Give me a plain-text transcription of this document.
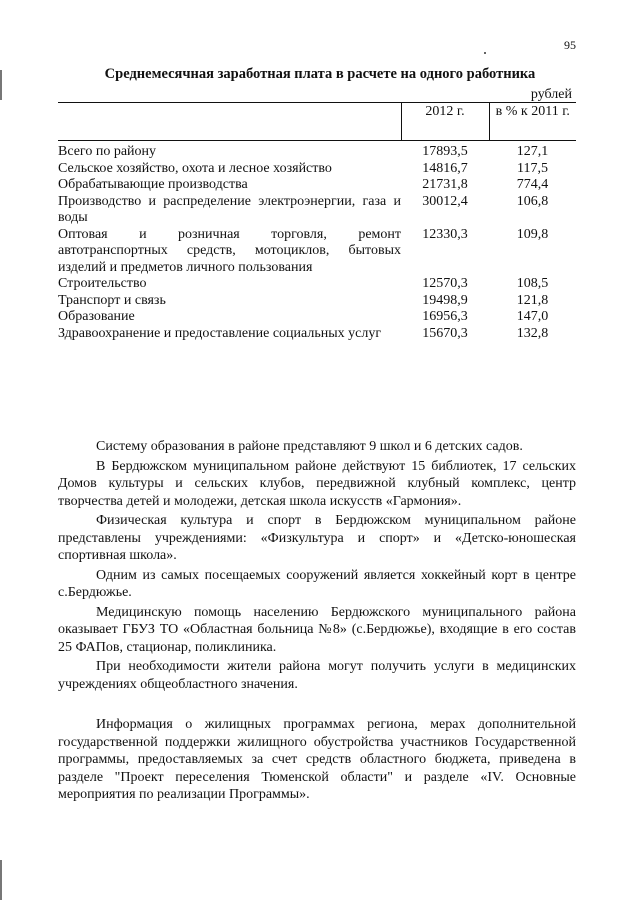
95
Среднемесячная заработная плата в расчете на одного работника
рублей
	2012 г.	в % к 2011 г.
Всего по району	17893,5	127,1
Сельское хозяйство, охота и лесное хозяйство	14816,7	117,5
Обрабатывающие производства	21731,8	774,4
Производство и распределение электроэнергии, газа и воды	30012,4	106,8
Оптовая и розничная торговля, ремонт автотранспортных средств, мотоциклов, бытовых изделий и предметов личного пользования	12330,3	109,8
Строительство	12570,3	108,5
Транспорт и связь	19498,9	121,8
Образование	16956,3	147,0
Здравоохранение и предоставление социальных услуг	15670,3	132,8

Систему образования в районе представляют 9 школ и 6 детских садов.

В Бердюжском муниципальном районе действуют 15 библиотек, 17 сельских Домов культуры и сельских клубов, передвижной клубный комплекс, центр творчества детей и молодежи, детская школа искусств «Гармония».

Физическая культура и спорт в Бердюжском муниципальном районе представлены учреждениями: «Физкультура и спорт» и «Детско-юношеская спортивная школа».

Одним из самых посещаемых сооружений является хоккейный корт в центре с.Бердюжье.

Медицинскую помощь населению Бердюжского муниципального района оказывает ГБУЗ ТО «Областная больница №8» (с.Бердюжье), входящие в его состав 25 ФАПов, стационар, поликлиника.

При необходимости жители района могут получить услуги в медицинских учреждениях общеобластного значения.

Информация о жилищных программах региона, мерах дополнительной государственной поддержки жилищного обустройства участников Государственной программы, предоставляемых за счет средств областного бюджета, приведена в разделе "Проект переселения Тюменской области" и разделе «IV. Основные мероприятия по реализации Программы».
